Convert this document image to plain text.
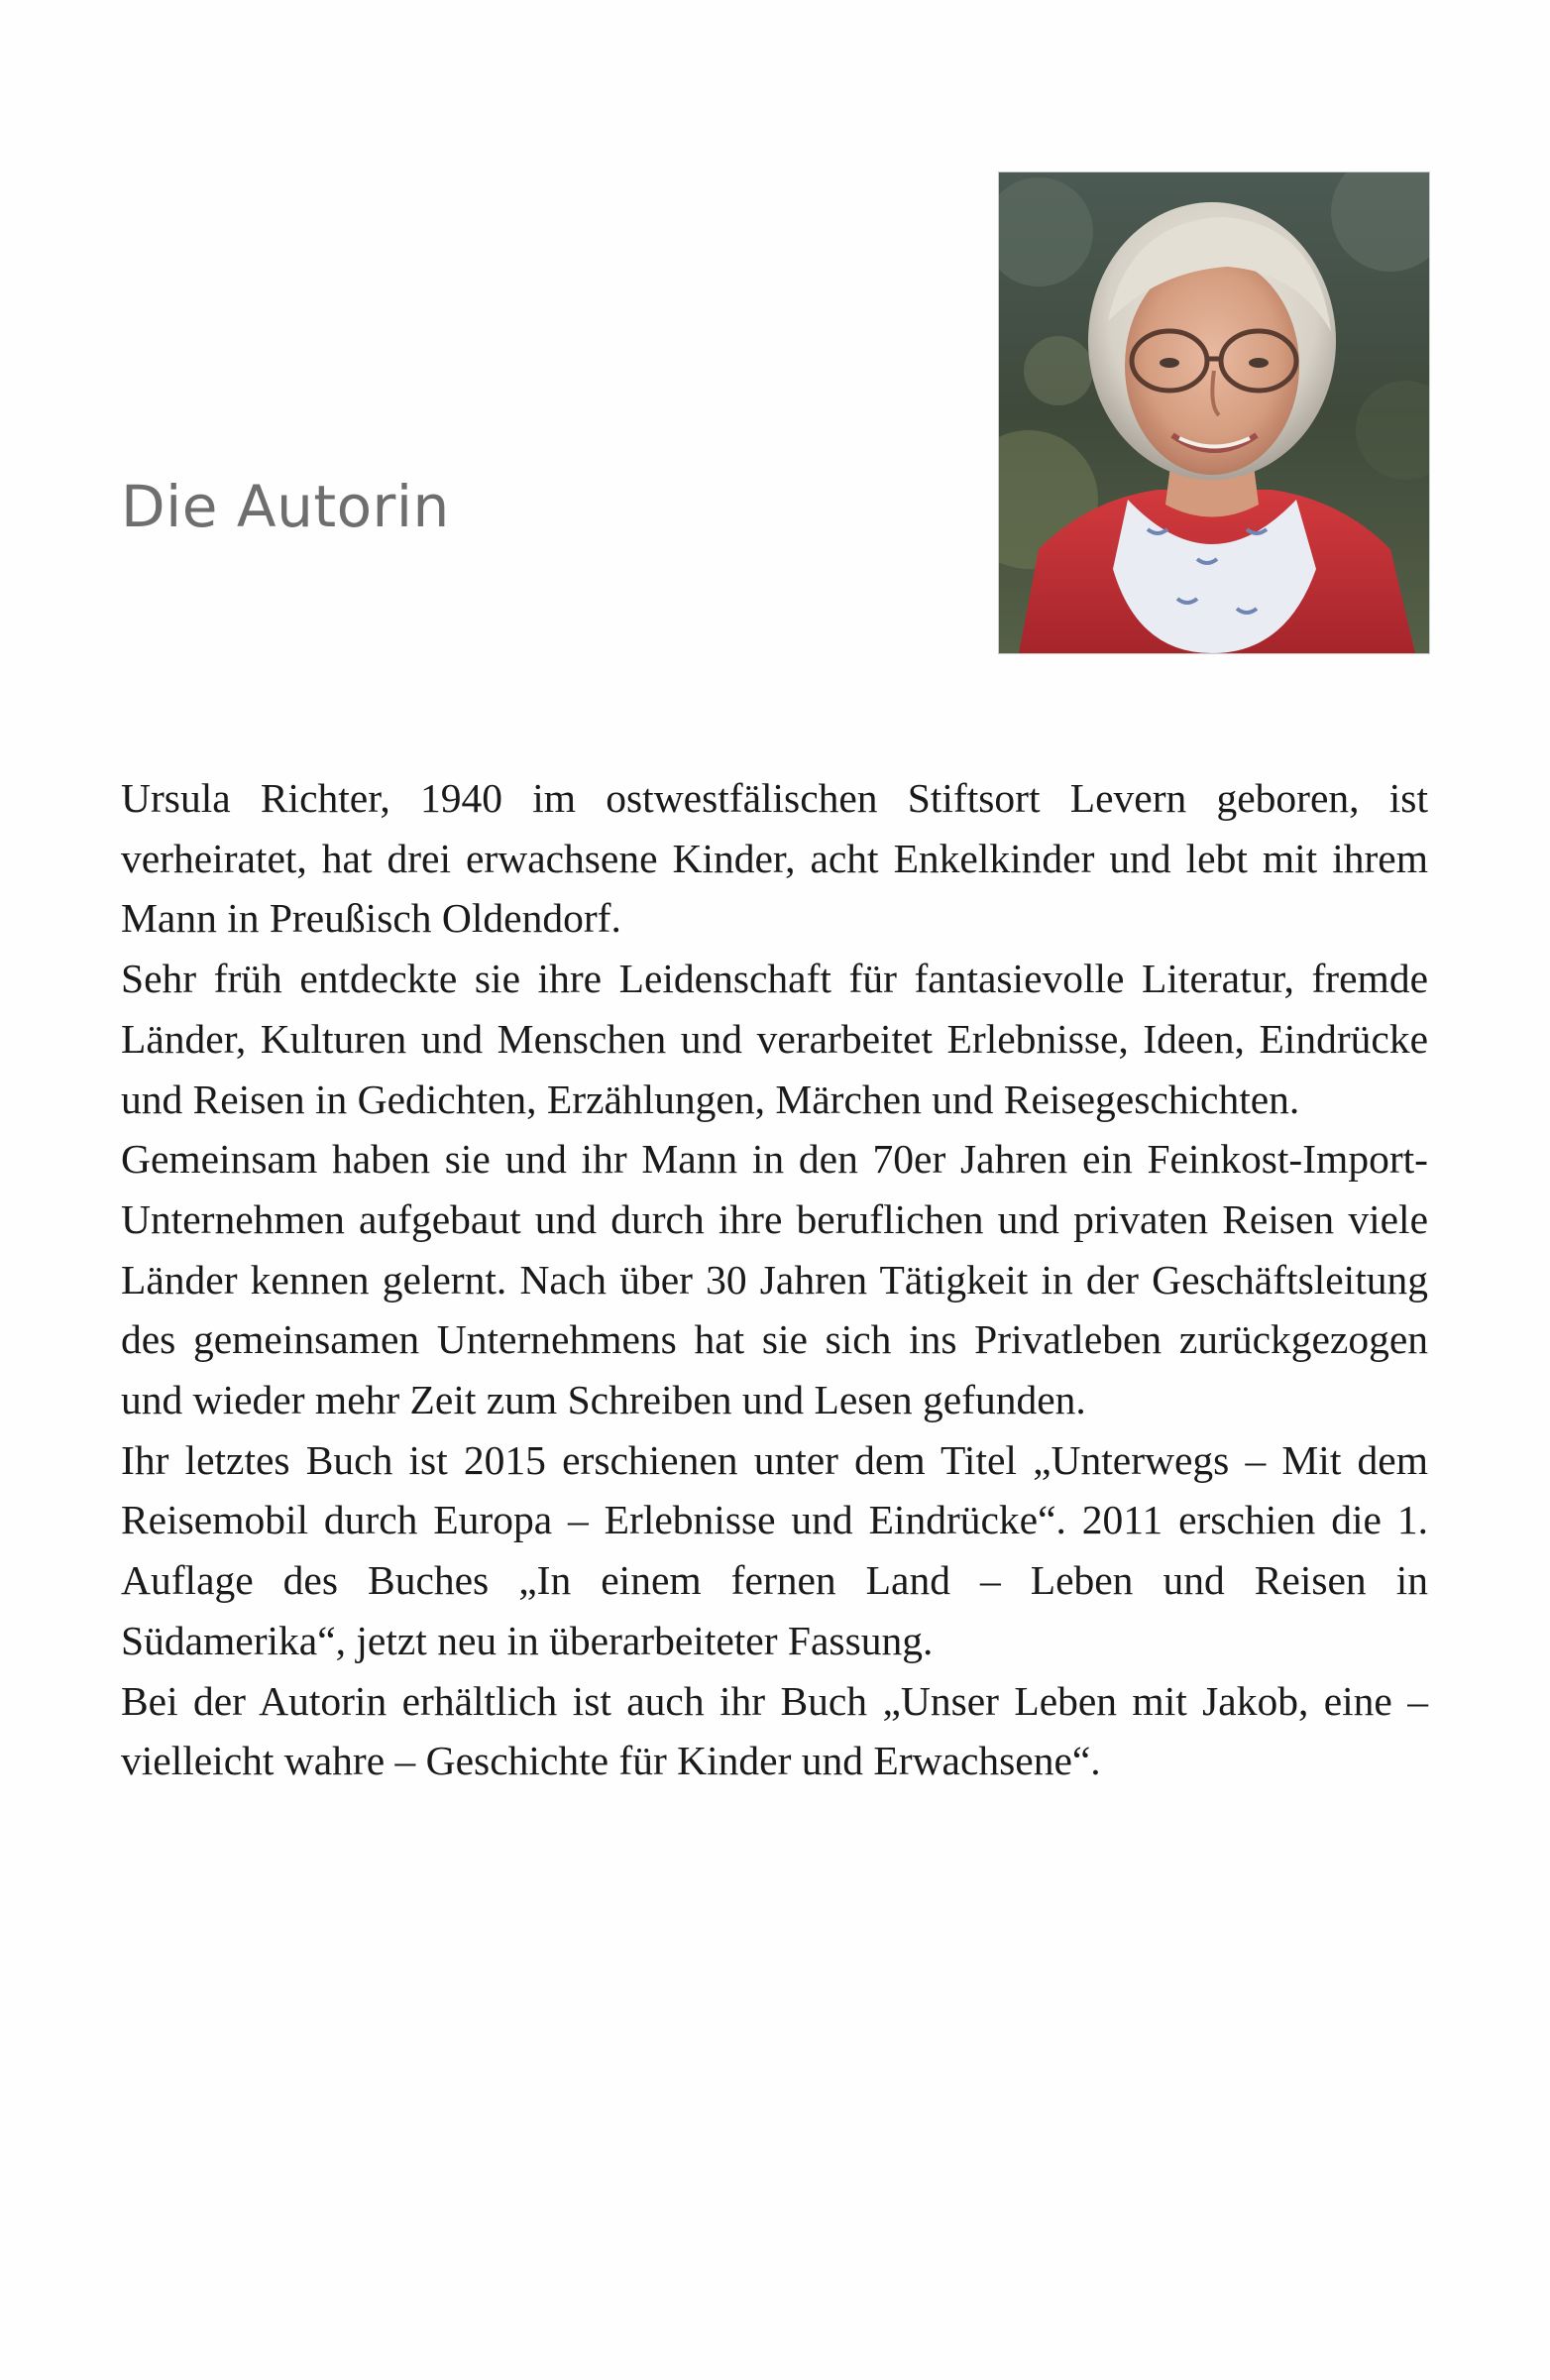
Die Autorin

Ursula Richter, 1940 im ostwestfälischen Stiftsort Levern geboren, ist verheiratet, hat drei erwachsene Kinder, acht Enkelkinder und lebt mit ihrem Mann in Preußisch Oldendorf.

Sehr früh entdeckte sie ihre Leidenschaft für fantasievolle Literatur, fremde Länder, Kulturen und Menschen und verarbeitet Erlebnisse, Ideen, Eindrücke und Reisen in Gedichten, Erzählungen, Märchen und Reisegeschichten.

Gemeinsam haben sie und ihr Mann in den 70er Jahren ein Feinkost-Import-Unternehmen aufgebaut und durch ihre beruflichen und privaten Reisen viele Länder kennen gelernt. Nach über 30 Jahren Tätigkeit in der Geschäftsleitung des gemeinsamen Unternehmens hat sie sich ins Privatleben zurückgezogen und wieder mehr Zeit zum Schreiben und Lesen gefunden.

Ihr letztes Buch ist 2015 erschienen unter dem Titel „Unterwegs – Mit dem Reisemobil durch Europa – Erlebnisse und Eindrücke“. 2011 erschien die 1. Auflage des Buches „In einem fernen Land – Leben und Reisen in Südamerika“, jetzt neu in überarbeiteter Fassung.

Bei der Autorin erhältlich ist auch ihr Buch „Unser Leben mit Jakob, eine – vielleicht wahre – Geschichte für Kinder und Erwachsene“.
